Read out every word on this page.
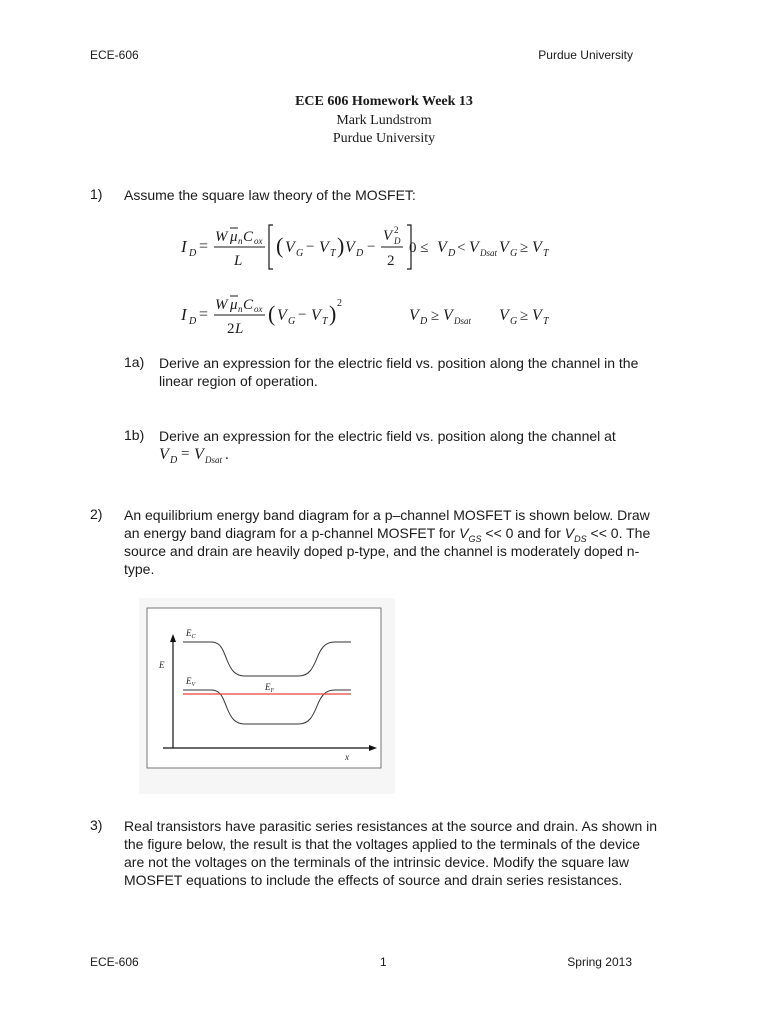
ECE-606	Purdue University
ECE 606 Homework Week 13
Mark Lundstrom
Purdue University
1) Assume the square law theory of the MOSFET:
I D =
W μ n C ox
L
( V G − V T ) V D −
V 2
D
2
0 ≤ V D < V Dsat V G ≥ V T
I D =
W μ n C ox
2 L
( V G − V T ) 2
V D ≥ V Dsat V G ≥ V T
1a) Derive an expression for the electric field vs. position along the channel in the
linear region of operation.
1b) Derive an expression for the electric field vs. position along the channel at
V D = V Dsat .
2) An equilibrium energy band diagram for a p–channel MOSFET is shown below. Draw
an energy band diagram for a p-channel MOSFET for $V_{GS} << 0$ and for $V_{DS} << 0$. The
source and drain are heavily doped p-type, and the channel is moderately doped n-
type.
$E_C$
E
$E_V$	$E_F$
x
3) Real transistors have parasitic series resistances at the source and drain. As shown in
the figure below, the result is that the voltages applied to the terminals of the device
are not the voltages on the terminals of the intrinsic device. Modify the square law
MOSFET equations to include the effects of source and drain series resistances.
ECE-606	1	Spring 2013
